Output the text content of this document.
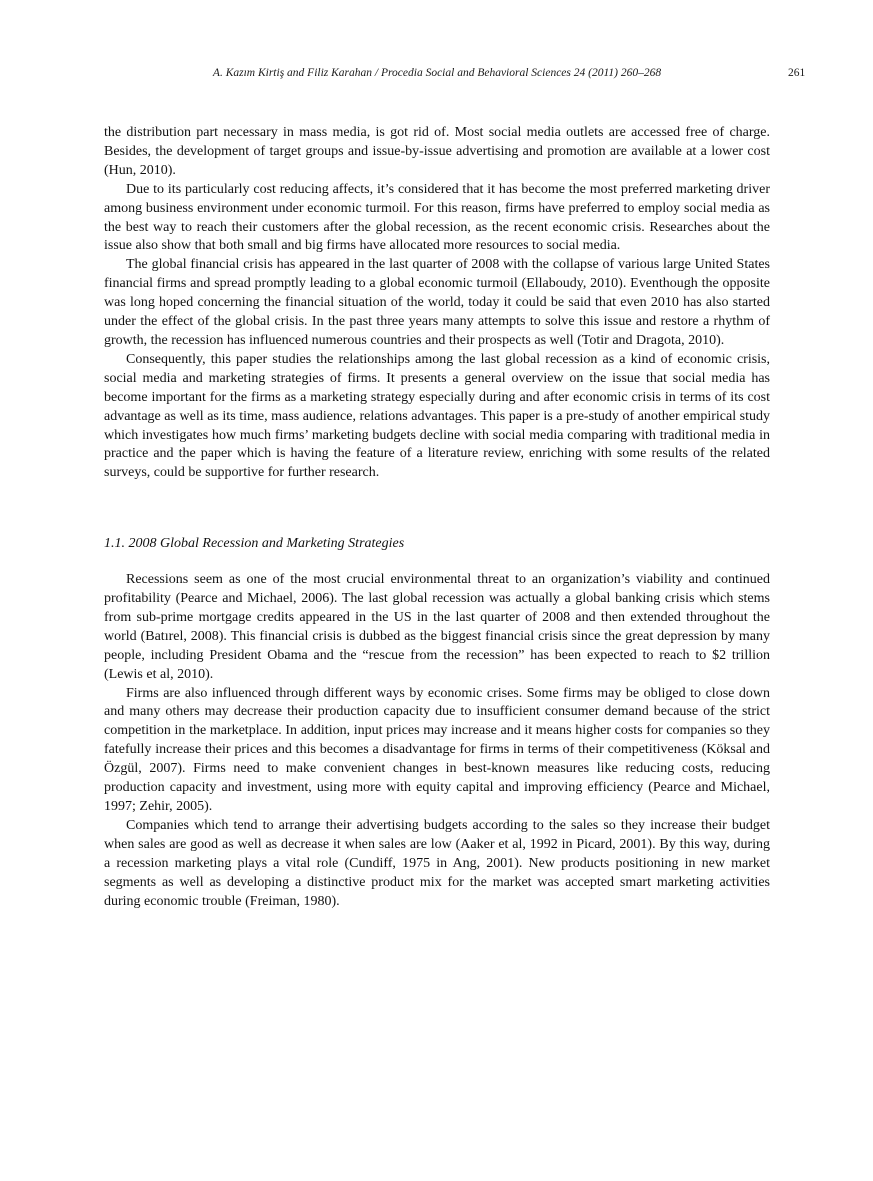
A. Kazım Kirtiş and Filiz Karahan / Procedia Social and Behavioral Sciences 24 (2011) 260–268	261

the distribution part necessary in mass media, is got rid of. Most social media outlets are accessed free of charge. Besides, the development of target groups and issue-by-issue advertising and promotion are available at a lower cost (Hun, 2010).

Due to its particularly cost reducing affects, it’s considered that it has become the most preferred marketing driver among business environment under economic turmoil. For this reason, firms have preferred to employ social media as the best way to reach their customers after the global recession, as the recent economic crisis. Researches about the issue also show that both small and big firms have allocated more resources to social media.

The global financial crisis has appeared in the last quarter of 2008 with the collapse of various large United States financial firms and spread promptly leading to a global economic turmoil (Ellaboudy, 2010). Eventhough the opposite was long hoped concerning the financial situation of the world, today it could be said that even 2010 has also started under the effect of the global crisis. In the past three years many attempts to solve this issue and restore a rhythm of growth, the recession has influenced numerous countries and their prospects as well (Totir and Dragota, 2010).

Consequently, this paper studies the relationships among the last global recession as a kind of economic crisis, social media and marketing strategies of firms. It presents a general overview on the issue that social media has become important for the firms as a marketing strategy especially during and after economic crisis in terms of its cost advantage as well as its time, mass audience, relations advantages. This paper is a pre-study of another empirical study which investigates how much firms’ marketing budgets decline with social media comparing with traditional media in practice and the paper which is having the feature of a literature review, enriching with some results of the related surveys, could be supportive for further research.

1.1. 2008 Global Recession and Marketing Strategies

Recessions seem as one of the most crucial environmental threat to an organization’s viability and continued profitability (Pearce and Michael, 2006). The last global recession was actually a global banking crisis which stems from sub-prime mortgage credits appeared in the US in the last quarter of 2008 and then extended throughout the world (Batırel, 2008). This financial crisis is dubbed as the biggest financial crisis since the great depression by many people, including President Obama and the “rescue from the recession” has been expected to reach to $2 trillion (Lewis et al, 2010).

Firms are also influenced through different ways by economic crises. Some firms may be obliged to close down and many others may decrease their production capacity due to insufficient consumer demand because of the strict competition in the marketplace. In addition, input prices may increase and it means higher costs for companies so they fatefully increase their prices and this becomes a disadvantage for firms in terms of their competitiveness (Köksal and Özgül, 2007). Firms need to make convenient changes in best-known measures like reducing costs, reducing production capacity and investment, using more with equity capital and improving efficiency (Pearce and Michael, 1997; Zehir, 2005).

Companies which tend to arrange their advertising budgets according to the sales so they increase their budget when sales are good as well as decrease it when sales are low (Aaker et al, 1992 in Picard, 2001). By this way, during a recession marketing plays a vital role (Cundiff, 1975 in Ang, 2001). New products positioning in new market segments as well as developing a distinctive product mix for the market was accepted smart marketing activities during economic trouble (Freiman, 1980).
